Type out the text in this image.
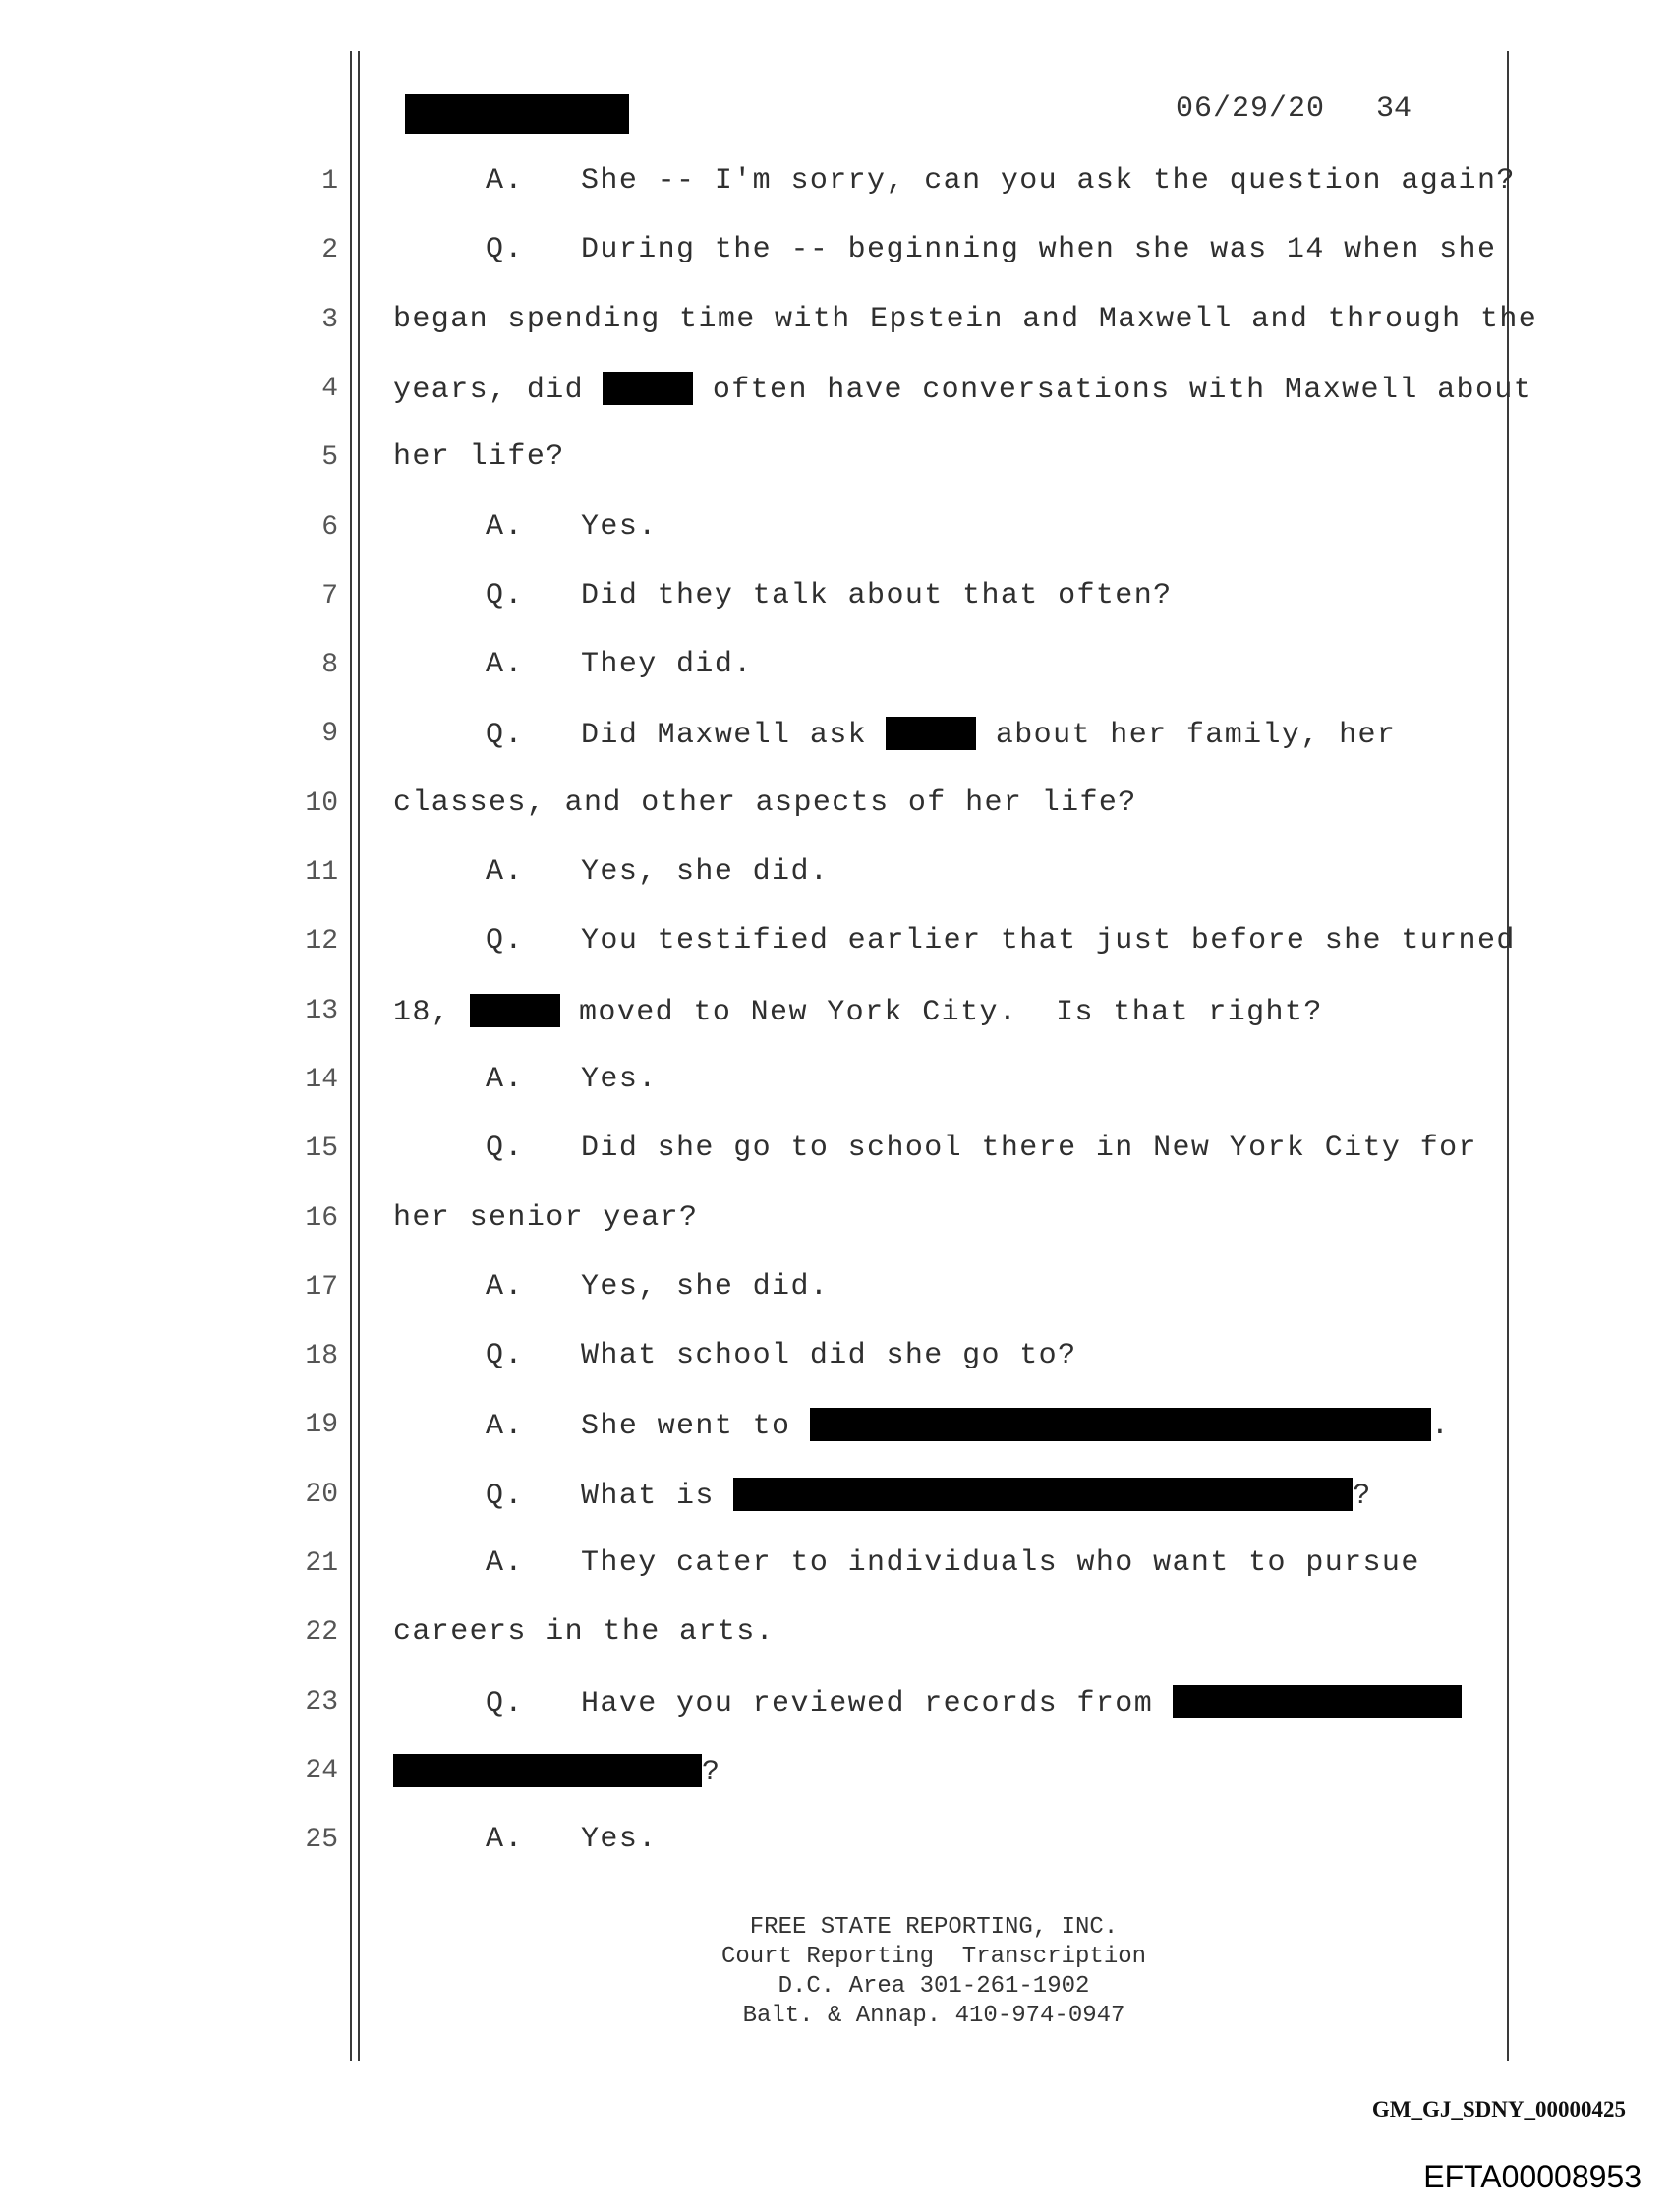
06/29/20 34
1	A.   She -- I'm sorry, can you ask the question again?
2	Q.   During the -- beginning when she was 14 when she
3 began spending time with Epstein and Maxwell and through the
4 years, did	often have conversations with Maxwell about
5 her life?
6	A.   Yes.
7	Q.   Did they talk about that often?
8	A.   They did.
9	Q.   Did Maxwell ask	about her family, her
10 classes, and other aspects of her life?
11	A.   Yes, she did.
12	Q.   You testified earlier that just before she turned
13 18,	moved to New York City.  Is that right?
14	A.   Yes.
15	Q.   Did she go to school there in New York City for
16 her senior year?
17	A.   Yes, she did.
18	Q.   What school did she go to?
19	A.   She went to	.
20	Q.   What is	?
21	A.   They cater to individuals who want to pursue
22 careers in the arts.
23	Q.   Have you reviewed records from
24	?
25	A.   Yes.
FREE STATE REPORTING, INC.
Court Reporting  Transcription
D.C. Area 301-261-1902
Balt. & Annap. 410-974-0947
GM_GJ_SDNY_00000425
EFTA00008953
